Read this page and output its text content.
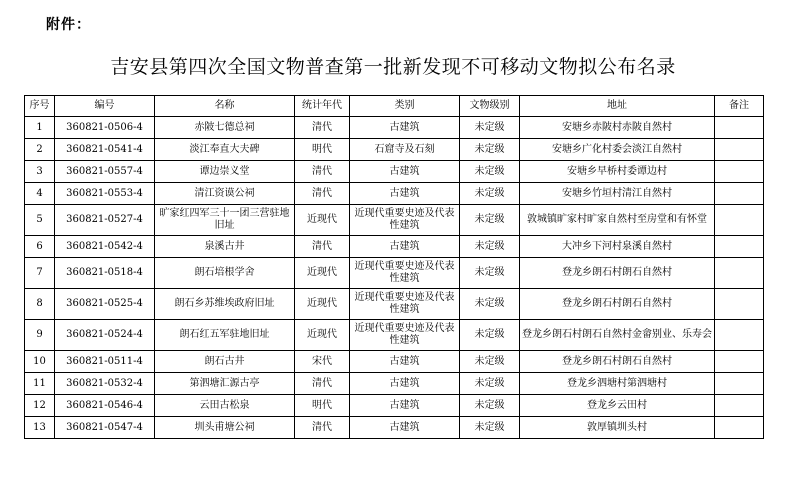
附件：
吉安县第四次全国文物普查第一批新发现不可移动文物拟公布名录
序号	编号	名称	统计年代	类别	文物级别	地址	备注
1	360821-0506-4	赤陂七德总祠	清代	古建筑	未定级	安塘乡赤陂村赤陂自然村	
2	360821-0541-4	淡江奉直大夫碑	明代	石窟寺及石刻	未定级	安塘乡广化村委会淡江自然村	
3	360821-0557-4	谭边崇义堂	清代	古建筑	未定级	安塘乡早桥村委谭边村	
4	360821-0553-4	清江资谟公祠	清代	古建筑	未定级	安塘乡竹垣村清江自然村	
5	360821-0527-4	旷家红四军三十一团三营驻地旧址	近现代	近现代重要史迹及代表性建筑	未定级	敦城镇旷家村旷家自然村至房堂和有怀堂	
6	360821-0542-4	泉溪古井	清代	古建筑	未定级	大冲乡下河村泉溪自然村	
7	360821-0518-4	朗石培根学舍	近现代	近现代重要史迹及代表性建筑	未定级	登龙乡朗石村朗石自然村	
8	360821-0525-4	朗石乡苏维埃政府旧址	近现代	近现代重要史迹及代表性建筑	未定级	登龙乡朗石村朗石自然村	
9	360821-0524-4	朗石红五军驻地旧址	近现代	近现代重要史迹及代表性建筑	未定级	登龙乡朗石村朗石自然村金畲别业、乐寿会	
10	360821-0511-4	朗石古井	宋代	古建筑	未定级	登龙乡朗石村朗石自然村	
11	360821-0532-4	第泗塘汇源古亭	清代	古建筑	未定级	登龙乡泗塘村第泗塘村	
12	360821-0546-4	云田古松泉	明代	古建筑	未定级	登龙乡云田村	
13	360821-0547-4	圳头甫塘公祠	清代	古建筑	未定级	敦厚镇圳头村	
